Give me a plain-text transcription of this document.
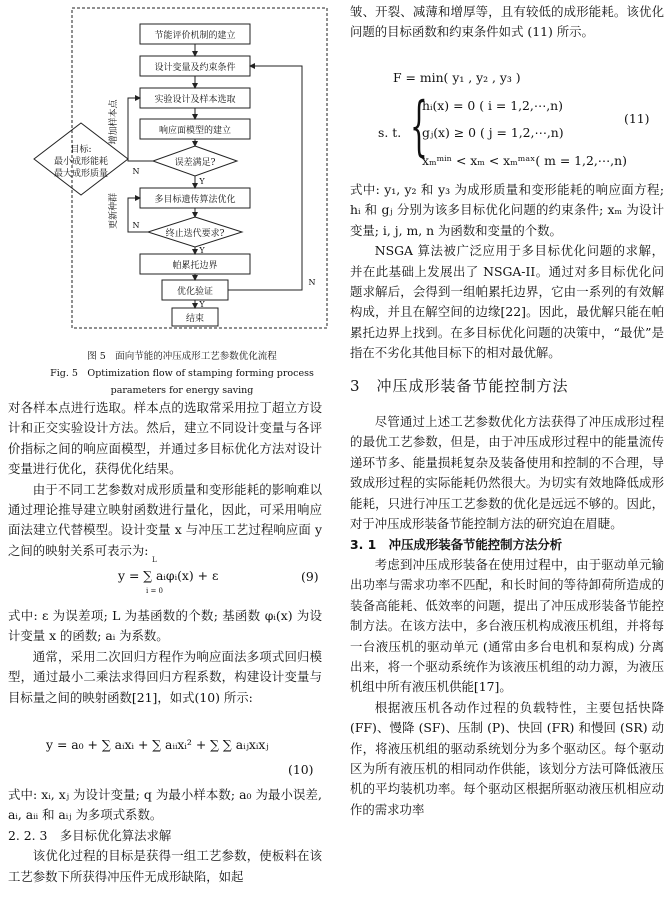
节能评价机制的建立
设计变量及约束条件
实验设计及样本选取
响应面模型的建立
误差满足?
多目标遗传算法优化
终止迭代要求?
帕累托边界
优化验证
结束
目标:
最小成形能耗
最大成形质量
增加样本点
更新种群
Y
Y
Y
N
N
N
图 5　面向节能的冲压成形工艺参数优化流程
Fig. 5　Optimization flow of stamping forming process
parameters for energy saving

对各样本点进行选取。样本点的选取常采用拉丁超立方设计和正交实验设计方法。然后，建立不同设计变量与各评价指标之间的响应面模型，并通过多目标优化方法对设计变量进行优化，获得优化结果。

由于不同工艺参数对成形质量和变形能耗的影响难以通过理论推导建立映射函数进行量化，因此，可采用响应面法建立代替模型。设计变量 x 与冲压工艺过程响应面 y 之间的映射关系可表示为:

y = ∑ aᵢφᵢ(x) + ε
L
i = 0
(9)

式中: ε 为误差项; L 为基函数的个数; 基函数 φᵢ(x) 为设计变量 x 的函数; aᵢ 为系数。

通常，采用二次回归方程作为响应面法多项式回归模型，通过最小二乘法求得回归方程系数，构建设计变量与目标量之间的映射函数[21]，如式(10) 所示:

y = a₀ + ∑ aᵢxᵢ + ∑ aᵢᵢxᵢ² + ∑ ∑ aᵢⱼxᵢxⱼ
(10)

式中: xᵢ, xⱼ 为设计变量; q 为最小样本数; a₀ 为最小误差, aᵢ, aᵢᵢ 和 aᵢⱼ 为多项式系数。

2. 2. 3　多目标优化算法求解

该优化过程的目标是获得一组工艺参数，使板料在该工艺参数下所获得冲压件无成形缺陷，如起

皱、开裂、减薄和增厚等，且有较低的成形能耗。该优化问题的目标函数和约束条件如式 (11) 所示。

F = min( y₁ , y₂ , y₃ )
s. t. {
hᵢ(x) = 0 ( i = 1,2,⋯,n)
gⱼ(x) ≥ 0 ( j = 1,2,⋯,n)
xₘᵐⁱⁿ < xₘ < xₘᵐᵃˣ( m = 1,2,⋯,n)
(11)

式中: y₁, y₂ 和 y₃ 为成形质量和变形能耗的响应面方程; hᵢ 和 gⱼ 分别为该多目标优化问题的约束条件; xₘ 为设计变量; i, j, m, n 为函数和变量的个数。

NSGA 算法被广泛应用于多目标优化问题的求解，并在此基础上发展出了 NSGA-II。通过对多目标优化问题求解后，会得到一组帕累托边界，它由一系列的有效解构成，并且在解空间的边缘[22]。因此，最优解只能在帕累托边界上找到。在多目标优化问题的决策中，“最优”是指在不劣化其他目标下的相对最优解。

3　冲压成形装备节能控制方法

尽管通过上述工艺参数优化方法获得了冲压成形过程的最优工艺参数，但是，由于冲压成形过程中的能量流传递环节多、能量损耗复杂及装备使用和控制的不合理，导致成形过程的实际能耗仍然很大。为切实有效地降低成形能耗，只进行冲压工艺参数的优化是远远不够的。因此，对于冲压成形装备节能控制方法的研究迫在眉睫。

3. 1　冲压成形装备节能控制方法分析

考虑到冲压成形装备在使用过程中，由于驱动单元输出功率与需求功率不匹配，和长时间的等待卸荷所造成的装备高能耗、低效率的问题，提出了冲压成形装备节能控制方法。在该方法中，多台液压机构成液压机组，并将每一台液压机的驱动单元 (通常由多台电机和泵构成) 分离出来，将一个驱动系统作为该液压机组的动力源，为液压机组中所有液压机供能[17]。

根据液压机各动作过程的负载特性，主要包括快降 (FF)、慢降 (SF)、压制 (P)、快回 (FR) 和慢回 (SR) 动作，将液压机组的驱动系统划分为多个驱动区。每个驱动区为所有液压机的相同动作供能，该划分方法可降低液压机的平均装机功率。每个驱动区根据所驱动液压机相应动作的需求功率
